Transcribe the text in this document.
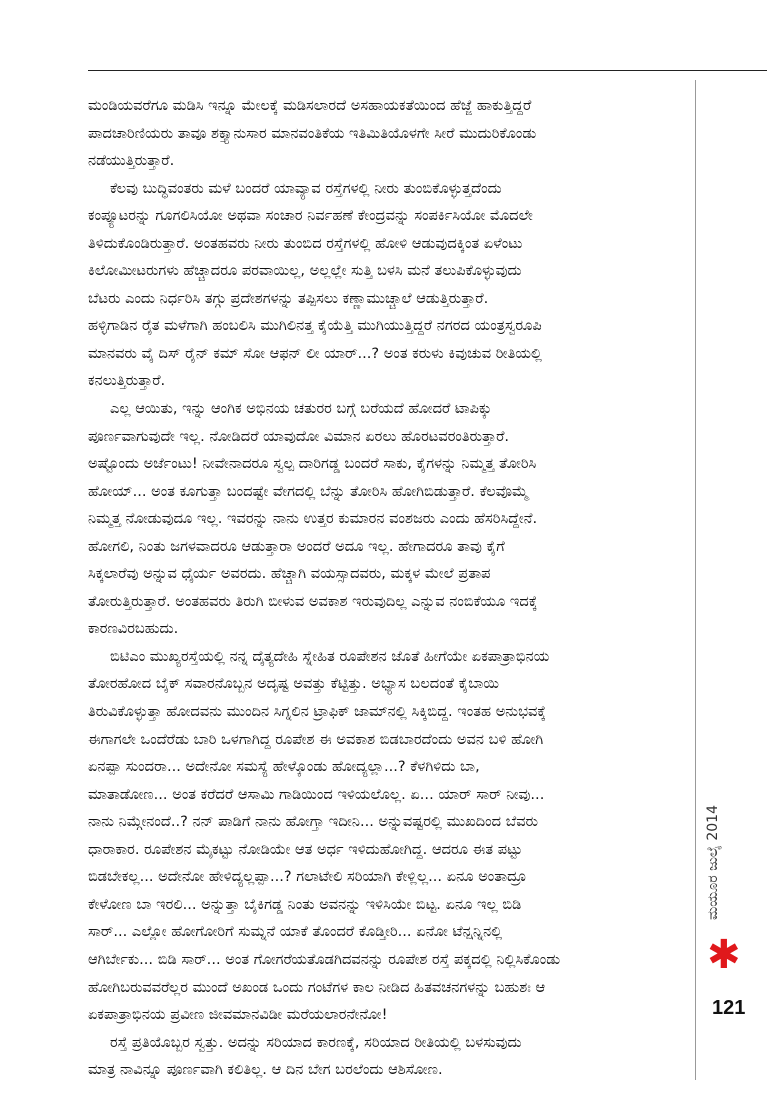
ಮಂಡಿಯವರೆಗೂ ಮಡಿಸಿ ಇನ್ನೂ ಮೇಲಕ್ಕೆ ಮಡಿಸಲಾರದೆ ಅಸಹಾಯಕತೆಯಿಂದ ಹೆಜ್ಜೆ ಹಾಕುತ್ತಿದ್ದರೆ
ಪಾದಚಾರಿಣಿಯರು ತಾವೂ ಶಕ್ತ್ಯಾನುಸಾರ ಮಾನವಂತಿಕೆಯ ಇತಿಮಿತಿಯೊಳಗೇ ಸೀರೆ ಮುದುರಿಕೊಂಡು
ನಡೆಯುತ್ತಿರುತ್ತಾರೆ.

ಕೆಲವು ಬುದ್ಧಿವಂತರು ಮಳೆ ಬಂದರೆ ಯಾವ್ಯಾವ ರಸ್ತೆಗಳಲ್ಲಿ ನೀರು ತುಂಬಿಕೊಳ್ಳುತ್ತದೆಂದು
ಕಂಪ್ಯೂಟರನ್ನು ಗೂಗಲಿಸಿಯೋ ಅಥವಾ ಸಂಚಾರ ನಿರ್ವಹಣೆ ಕೇಂದ್ರವನ್ನು ಸಂಪರ್ಕಿಸಿಯೋ ಮೊದಲೇ
ತಿಳಿದುಕೊಂಡಿರುತ್ತಾರೆ. ಅಂತಹವರು ನೀರು ತುಂಬಿದ ರಸ್ತೆಗಳಲ್ಲಿ ಹೋಳಿ ಆಡುವುದಕ್ಕಿಂತ ಏಳೆಂಟು
ಕಿಲೋಮೀಟರುಗಳು ಹೆಚ್ಚಾದರೂ ಪರವಾಯಿಲ್ಲ, ಅಲ್ಲಲ್ಲೇ ಸುತ್ತಿ ಬಳಸಿ ಮನೆ ತಲುಪಿಕೊಳ್ಳುವುದು
ಬೆಟರು ಎಂದು ನಿರ್ಧರಿಸಿ ತಗ್ಗು ಪ್ರದೇಶಗಳನ್ನು ತಪ್ಪಿಸಲು ಕಣ್ಣಾಮುಚ್ಚಾಲೆ ಆಡುತ್ತಿರುತ್ತಾರೆ.
ಹಳ್ಳಿಗಾಡಿನ ರೈತ ಮಳೆಗಾಗಿ ಹಂಬಲಿಸಿ ಮುಗಿಲಿನತ್ತ ಕೈಯೆತ್ತಿ ಮುಗಿಯುತ್ತಿದ್ದರೆ ನಗರದ ಯಂತ್ರಸ್ವರೂಪಿ
ಮಾನವರು ವೈ ದಿಸ್ ರೈನ್ ಕಮ್ ಸೋ ಆಫನ್ ಲೀ ಯಾರ್...? ಅಂತ ಕರುಳು ಕಿವುಚುವ ರೀತಿಯಲ್ಲಿ
ಕನಲುತ್ತಿರುತ್ತಾರೆ.

ಎಲ್ಲ ಆಯಿತು, ಇನ್ನು ಆಂಗಿಕ ಅಭಿನಯ ಚತುರರ ಬಗ್ಗೆ ಬರೆಯದೆ ಹೋದರೆ ಟಾಪಿಕ್ಕು
ಪೂರ್ಣವಾಗುವುದೇ ಇಲ್ಲ. ನೋಡಿದರೆ ಯಾವುದೋ ವಿಮಾನ ಏರಲು ಹೊರಟವರಂತಿರುತ್ತಾರೆ.
ಅಷ್ಟೊಂದು ಅರ್ಜೆಂಟು! ನೀವೇನಾದರೂ ಸ್ವಲ್ಪ ದಾರಿಗಡ್ಡ ಬಂದರೆ ಸಾಕು, ಕೈಗಳನ್ನು ನಿಮ್ಮತ್ತ ತೋರಿಸಿ
ಹೋಯ್... ಅಂತ ಕೂಗುತ್ತಾ ಬಂದಷ್ಟೇ ವೇಗದಲ್ಲಿ ಬೆನ್ನು ತೋರಿಸಿ ಹೋಗಿಬಿಡುತ್ತಾರೆ. ಕೆಲವೊಮ್ಮೆ
ನಿಮ್ಮತ್ತ ನೋಡುವುದೂ ಇಲ್ಲ. ಇವರನ್ನು ನಾನು ಉತ್ತರ ಕುಮಾರನ ವಂಶಜರು ಎಂದು ಹೆಸರಿಸಿದ್ದೇನೆ.
ಹೋಗಲಿ, ನಿಂತು ಜಗಳವಾದರೂ ಆಡುತ್ತಾರಾ ಅಂದರೆ ಅದೂ ಇಲ್ಲ. ಹೇಗಾದರೂ ತಾವು ಕೈಗೆ
ಸಿಕ್ಕಲಾರೆವು ಅನ್ನುವ ಧೈರ್ಯ ಅವರದು. ಹೆಚ್ಚಾಗಿ ವಯಸ್ಸಾದವರು, ಮಕ್ಕಳ ಮೇಲೆ ಪ್ರತಾಪ
ತೋರುತ್ತಿರುತ್ತಾರೆ. ಅಂತಹವರು ತಿರುಗಿ ಬೀಳುವ ಅವಕಾಶ ಇರುವುದಿಲ್ಲ ಎನ್ನುವ ನಂಬಿಕೆಯೂ ಇದಕ್ಕೆ
ಕಾರಣವಿರಬಹುದು.

ಬಿಟಿಎಂ ಮುಖ್ಯರಸ್ತೆಯಲ್ಲಿ ನನ್ನ ದೈತ್ಯದೇಹಿ ಸ್ನೇಹಿತ ರೂಪೇಶನ ಜೊತೆ ಹೀಗೆಯೇ ಏಕಪಾತ್ರಾಭಿನಯ
ತೋರಹೋದ ಬೈಕ್ ಸವಾರನೊಬ್ಬನ ಅದೃಷ್ಟ ಅವತ್ತು ಕೆಟ್ಟಿತ್ತು. ಅಭ್ಯಾಸ ಬಲದಂತೆ ಕೈಬಾಯಿ
ತಿರುವಿಕೊಳ್ಳುತ್ತಾ ಹೋದವನು ಮುಂದಿನ ಸಿಗ್ನಲಿನ ಟ್ರಾಫಿಕ್ ಜಾಮ್‌ನಲ್ಲಿ ಸಿಕ್ಕಿಬಿದ್ದ. ಇಂತಹ ಅನುಭವಕ್ಕೆ
ಈಗಾಗಲೇ ಒಂದೆರೆಡು ಬಾರಿ ಒಳಗಾಗಿದ್ದ ರೂಪೇಶ ಈ ಅವಕಾಶ ಬಿಡಬಾರದೆಂದು ಅವನ ಬಳಿ ಹೋಗಿ
ಏನಪ್ಪಾ ಸುಂದರಾ... ಅದೇನೋ ಸಮಸ್ಯೆ ಹೇಳ್ಕೊಂಡು ಹೋದ್ಯಲ್ಲಾ...? ಕೆಳಗಿಳಿದು ಬಾ,
ಮಾತಾಡೋಣ... ಅಂತ ಕರೆದರೆ ಆಸಾಮಿ ಗಾಡಿಯಿಂದ ಇಳಿಯಲೊಲ್ಲ. ಏ... ಯಾರ್ ಸಾರ್ ನೀವು...
ನಾನು ನಿಮ್ಗೇನಂದೆ..? ನನ್ ಪಾಡಿಗೆ ನಾನು ಹೋಗ್ತಾ ಇದೀನಿ... ಅನ್ನುವಷ್ಟರಲ್ಲಿ ಮುಖದಿಂದ ಬೆವರು
ಧಾರಾಕಾರ. ರೂಪೇಶನ ಮೈಕಟ್ಟು ನೋಡಿಯೇ ಆತ ಅರ್ಧ ಇಳಿದುಹೋಗಿದ್ದ. ಆದರೂ ಈತ ಪಟ್ಟು
ಬಿಡಬೇಕಲ್ಲ... ಅದೇನೋ ಹೇಳಿದ್ಯಲ್ಲಪ್ಪಾ...? ಗಲಾಟೇಲಿ ಸರಿಯಾಗಿ ಕೇಳ್ಲಿಲ್ಲ... ಏನೂ ಅಂತಾದ್ರೂ
ಕೇಳೋಣ ಬಾ ಇರಲಿ... ಅನ್ನುತ್ತಾ ಬೈಕಿಗಡ್ಡ ನಿಂತು ಅವನನ್ನು ಇಳಿಸಿಯೇ ಬಿಟ್ಟ. ಏನೂ ಇಲ್ಲ ಬಿಡಿ
ಸಾರ್... ಎಲ್ಲೋ ಹೋಗೋರಿಗೆ ಸುಮ್ನನೆ ಯಾಕೆ ತೊಂದರೆ ಕೊಡ್ತೀರಿ... ಏನೋ ಟೆನ್ಷನ್ನಿನಲ್ಲಿ
ಆಗಿರ್ಬೇಕು... ಬಿಡಿ ಸಾರ್... ಅಂತ ಗೋಗರೆಯತೊಡಗಿದವನನ್ನು ರೂಪೇಶ ರಸ್ತೆ ಪಕ್ಕದಲ್ಲಿ ನಿಲ್ಲಿಸಿಕೊಂಡು
ಹೋಗಿಬರುವವರೆಲ್ಲರ ಮುಂದೆ ಅಖಂಡ ಒಂದು ಗಂಟೆಗಳ ಕಾಲ ನೀಡಿದ ಹಿತವಚನಗಳನ್ನು ಬಹುಶಃ ಆ
ಏಕಪಾತ್ರಾಭಿನಯ ಪ್ರವೀಣ ಜೀವಮಾನವಿಡೀ ಮರೆಯಲಾರನೇನೋ!

ರಸ್ತೆ ಪ್ರತಿಯೊಬ್ಬರ ಸ್ವತ್ತು. ಅದನ್ನು ಸರಿಯಾದ ಕಾರಣಕ್ಕೆ, ಸರಿಯಾದ ರೀತಿಯಲ್ಲಿ ಬಳಸುವುದು
ಮಾತ್ರ ನಾವಿನ್ನೂ ಪೂರ್ಣವಾಗಿ ಕಲಿತಿಲ್ಲ. ಆ ದಿನ ಬೇಗ ಬರಲೆಂದು ಆಶಿಸೋಣ.

ಮಯೂರ ಜುಲೈ 2014
✱
121
